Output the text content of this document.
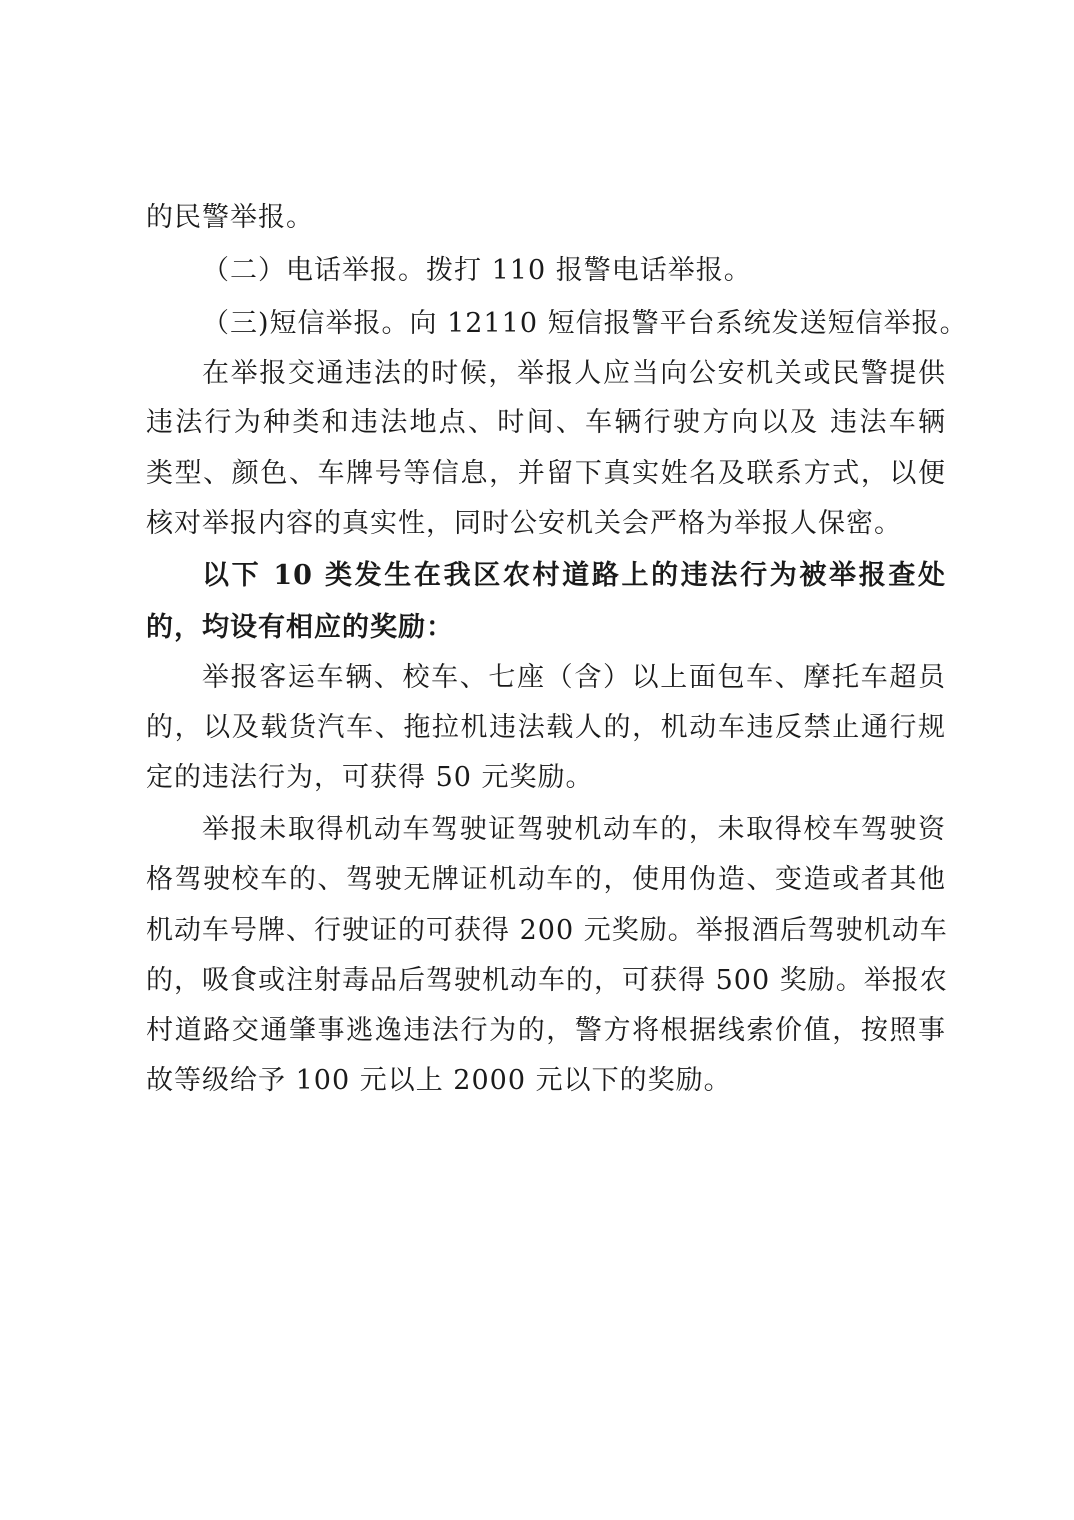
的民警举报。
（二）电话举报。拨打 110 报警电话举报。
（三)短信举报。向 12110 短信报警平台系统发送短信举报。
在举报交通违法的时候，举报人应当向公安机关或民警提供
违法行为种类和违法地点、时间、车辆行驶方向以及 违法车辆
类型、颜色、车牌号等信息，并留下真实姓名及联系方式，以便
核对举报内容的真实性，同时公安机关会严格为举报人保密。
以下 10 类发生在我区农村道路上的违法行为被举报查处
的，均设有相应的奖励：
举报客运车辆、校车、七座（含）以上面包车、摩托车超员
的，以及载货汽车、拖拉机违法载人的，机动车违反禁止通行规
定的违法行为，可获得 50 元奖励。
举报未取得机动车驾驶证驾驶机动车的，未取得校车驾驶资
格驾驶校车的、驾驶无牌证机动车的，使用伪造、变造或者其他
机动车号牌、行驶证的可获得 200 元奖励。举报酒后驾驶机动车
的，吸食或注射毒品后驾驶机动车的，可获得 500 奖励。举报农
村道路交通肇事逃逸违法行为的，警方将根据线索价值，按照事
故等级给予 100 元以上 2000 元以下的奖励。
